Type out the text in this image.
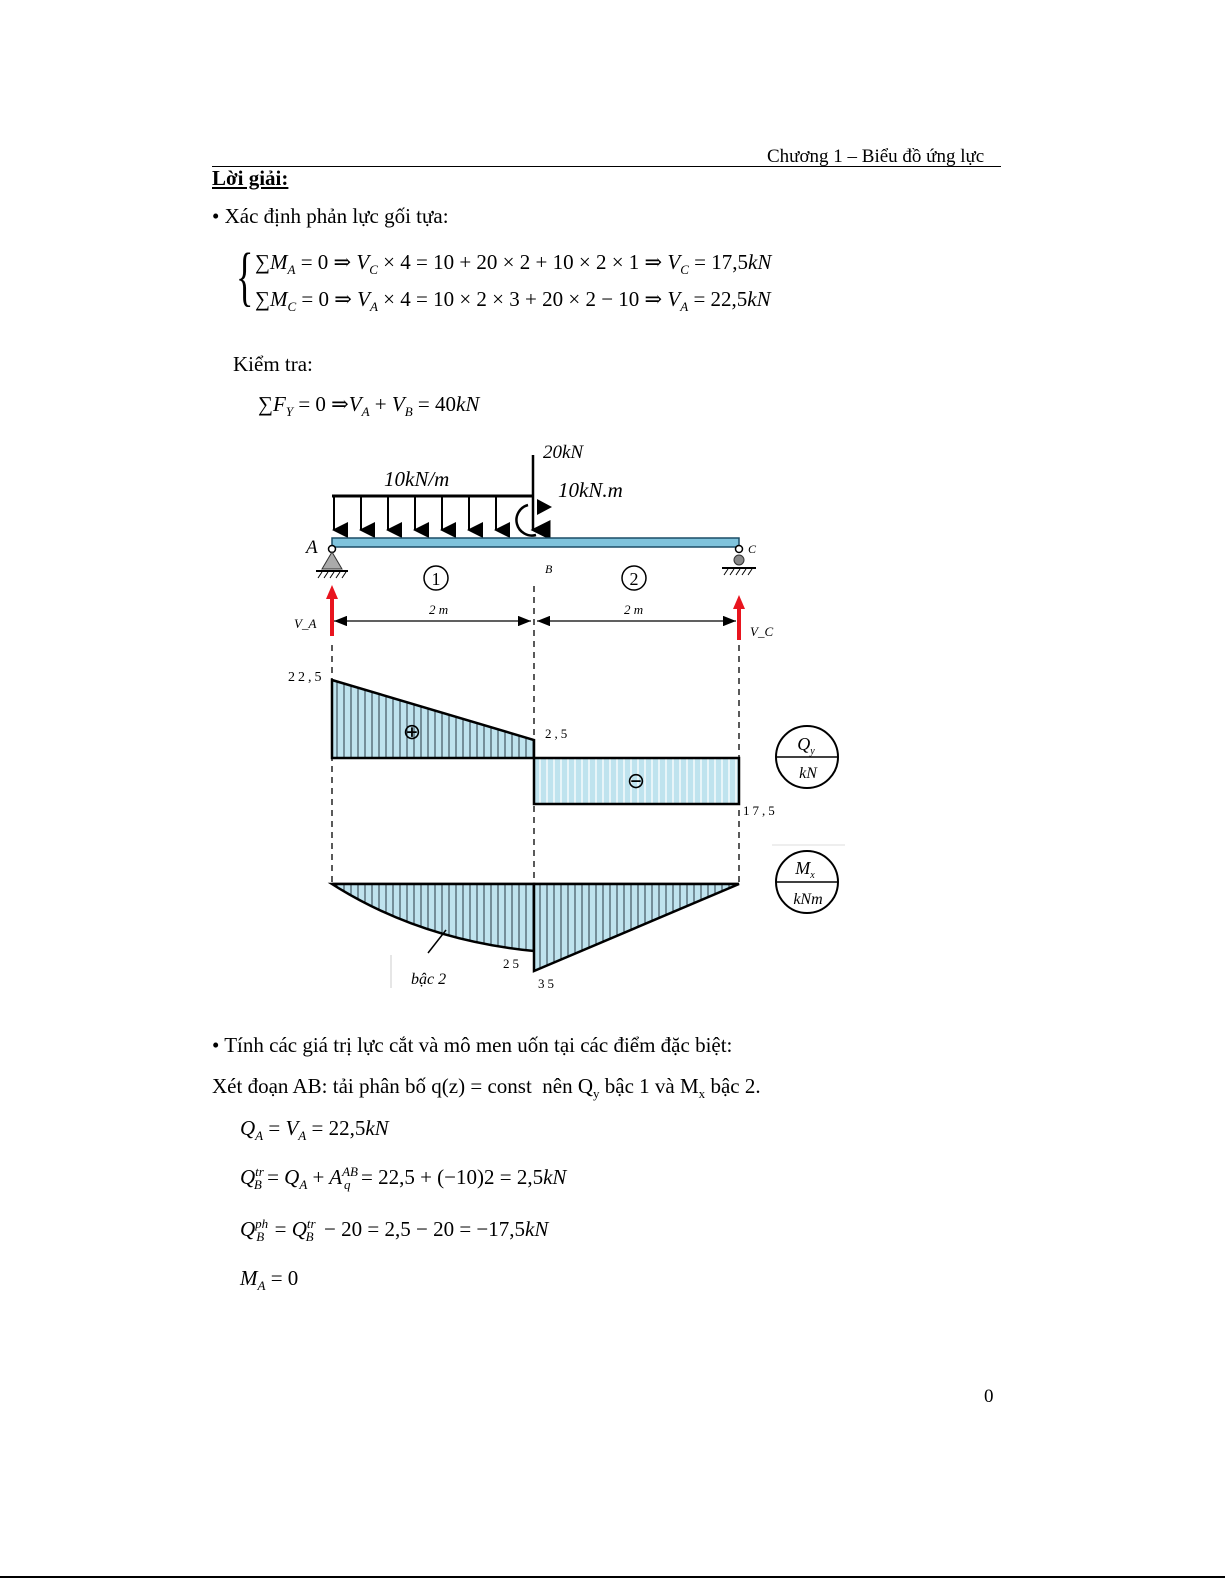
Chương 1 – Biểu đồ ứng lực
Lời giải:
• Xác định phản lực gối tựa:
{ $\sum M_A = 0$ ⇒ $V_C \times 4 = 10 + 20 \times 2 + 10 \times 2 \times 1$ ⇒ $V_C = 17,5kN$
$\sum M_C = 0$ ⇒ $V_A \times 4 = 10 \times 2 \times 3 + 20 \times 2 - 10$ ⇒ $V_A = 22,5kN$
Kiểm tra:
$\sum F_Y = 0$ $\Rightarrow V_A + V_B = 40kN$
10kN/m
20kN
10kN.m
A
B
C
1	2
V_A
V_C
2 m	2 m
22,5
2,5
17,5
⊕
⊖
$Q_y$
kN
bậc 2
25
35
$M_x$
kNm
• Tính các giá trị lực cắt và mô men uốn tại các điểm đặc biệt:
Xét đoạn AB: tải phân bố q(z) = const  nên $Q_y$ bậc 1 và $M_x$ bậc 2.
$Q_A = V_A = 22,5kN$
$Q^{tr}_B = Q_A + A^{AB}_q = 22,5 + (-10)2 = 2,5kN$
$Q^{ph}_B = Q^{tr}_B - 20 = 2,5 - 20 = -17,5kN$
$M_A = 0$
0
